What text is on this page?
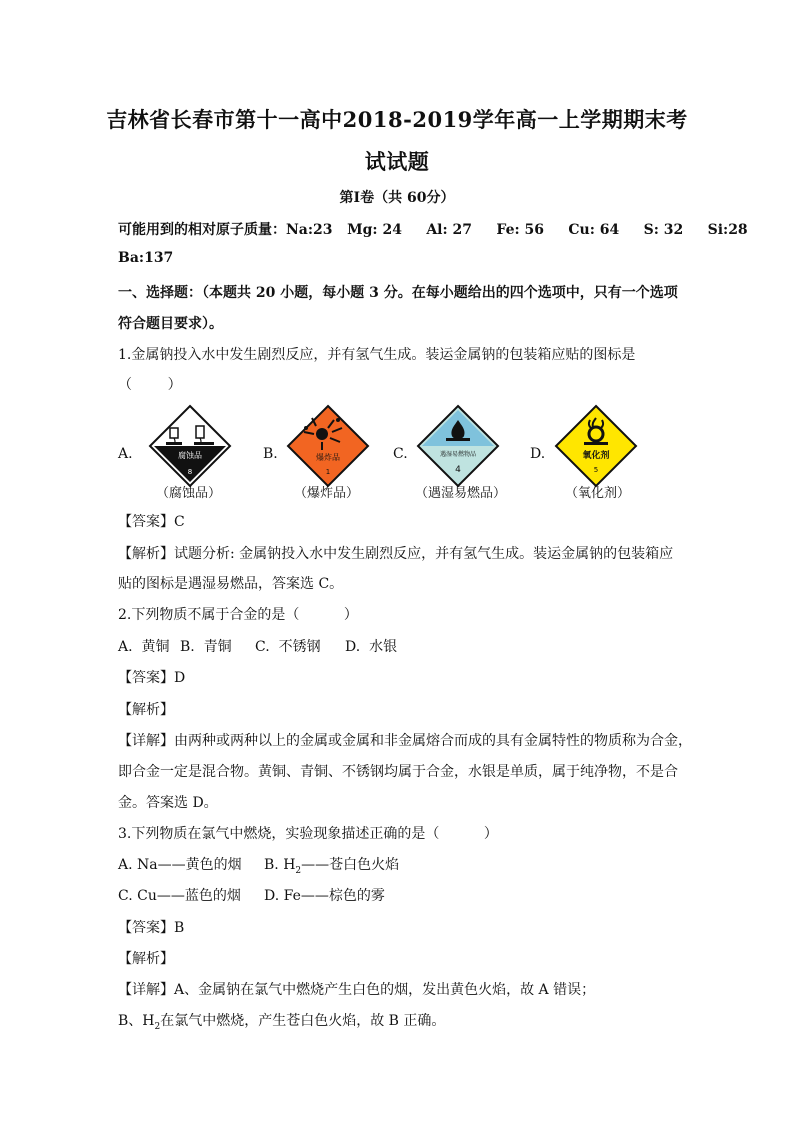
吉林省长春市第十一高中2018-2019学年高一上学期期末考
试试题
第Ⅰ卷（共 60分）
可能用到的相对原子质量：Na:23   Mg: 24     Al: 27     Fe: 56     Cu: 64     S: 32     Si:28
Ba:137
一、选择题：（本题共 20 小题，每小题 3 分。在每小题给出的四个选项中，只有一个选项
符合题目要求）。
1.金属钠投入水中发生剧烈反应，并有氢气生成。装运金属钠的包装箱应贴的图标是
（        ）
A.	腐蚀品
8
（腐蚀品）
B.	爆炸品
1
（爆炸品）
C.	遇湿易燃物品
4
（遇湿易燃品）
D.	氧化剂
5
（氧化剂）
【答案】C
【解析】试题分析: 金属钠投入水中发生剧烈反应，并有氢气生成。装运金属钠的包装箱应
贴的图标是遇湿易燃品，答案选 C。
2.下列物质不属于合金的是（          ）
A.  黄铜 B.  青铜 C.  不锈钢 D.  水银
【答案】D
【解析】
【详解】由两种或两种以上的金属或金属和非金属熔合而成的具有金属特性的物质称为合金，
即合金一定是混合物。黄铜、青铜、不锈钢均属于合金，水银是单质，属于纯净物，不是合
金。答案选 D。
3.下列物质在氯气中燃烧，实验现象描述正确的是（          ）
A. Na——黄色的烟 B. $H_2——$苍白色火焰
C. Cu——蓝色的烟 D. Fe——棕色的雾
【答案】B
【解析】
【详解】A、金属钠在氯气中燃烧产生白色的烟，发出黄色火焰，故 A 错误；
B、$H_2$在氯气中燃烧，产生苍白色火焰，故 B 正确。
